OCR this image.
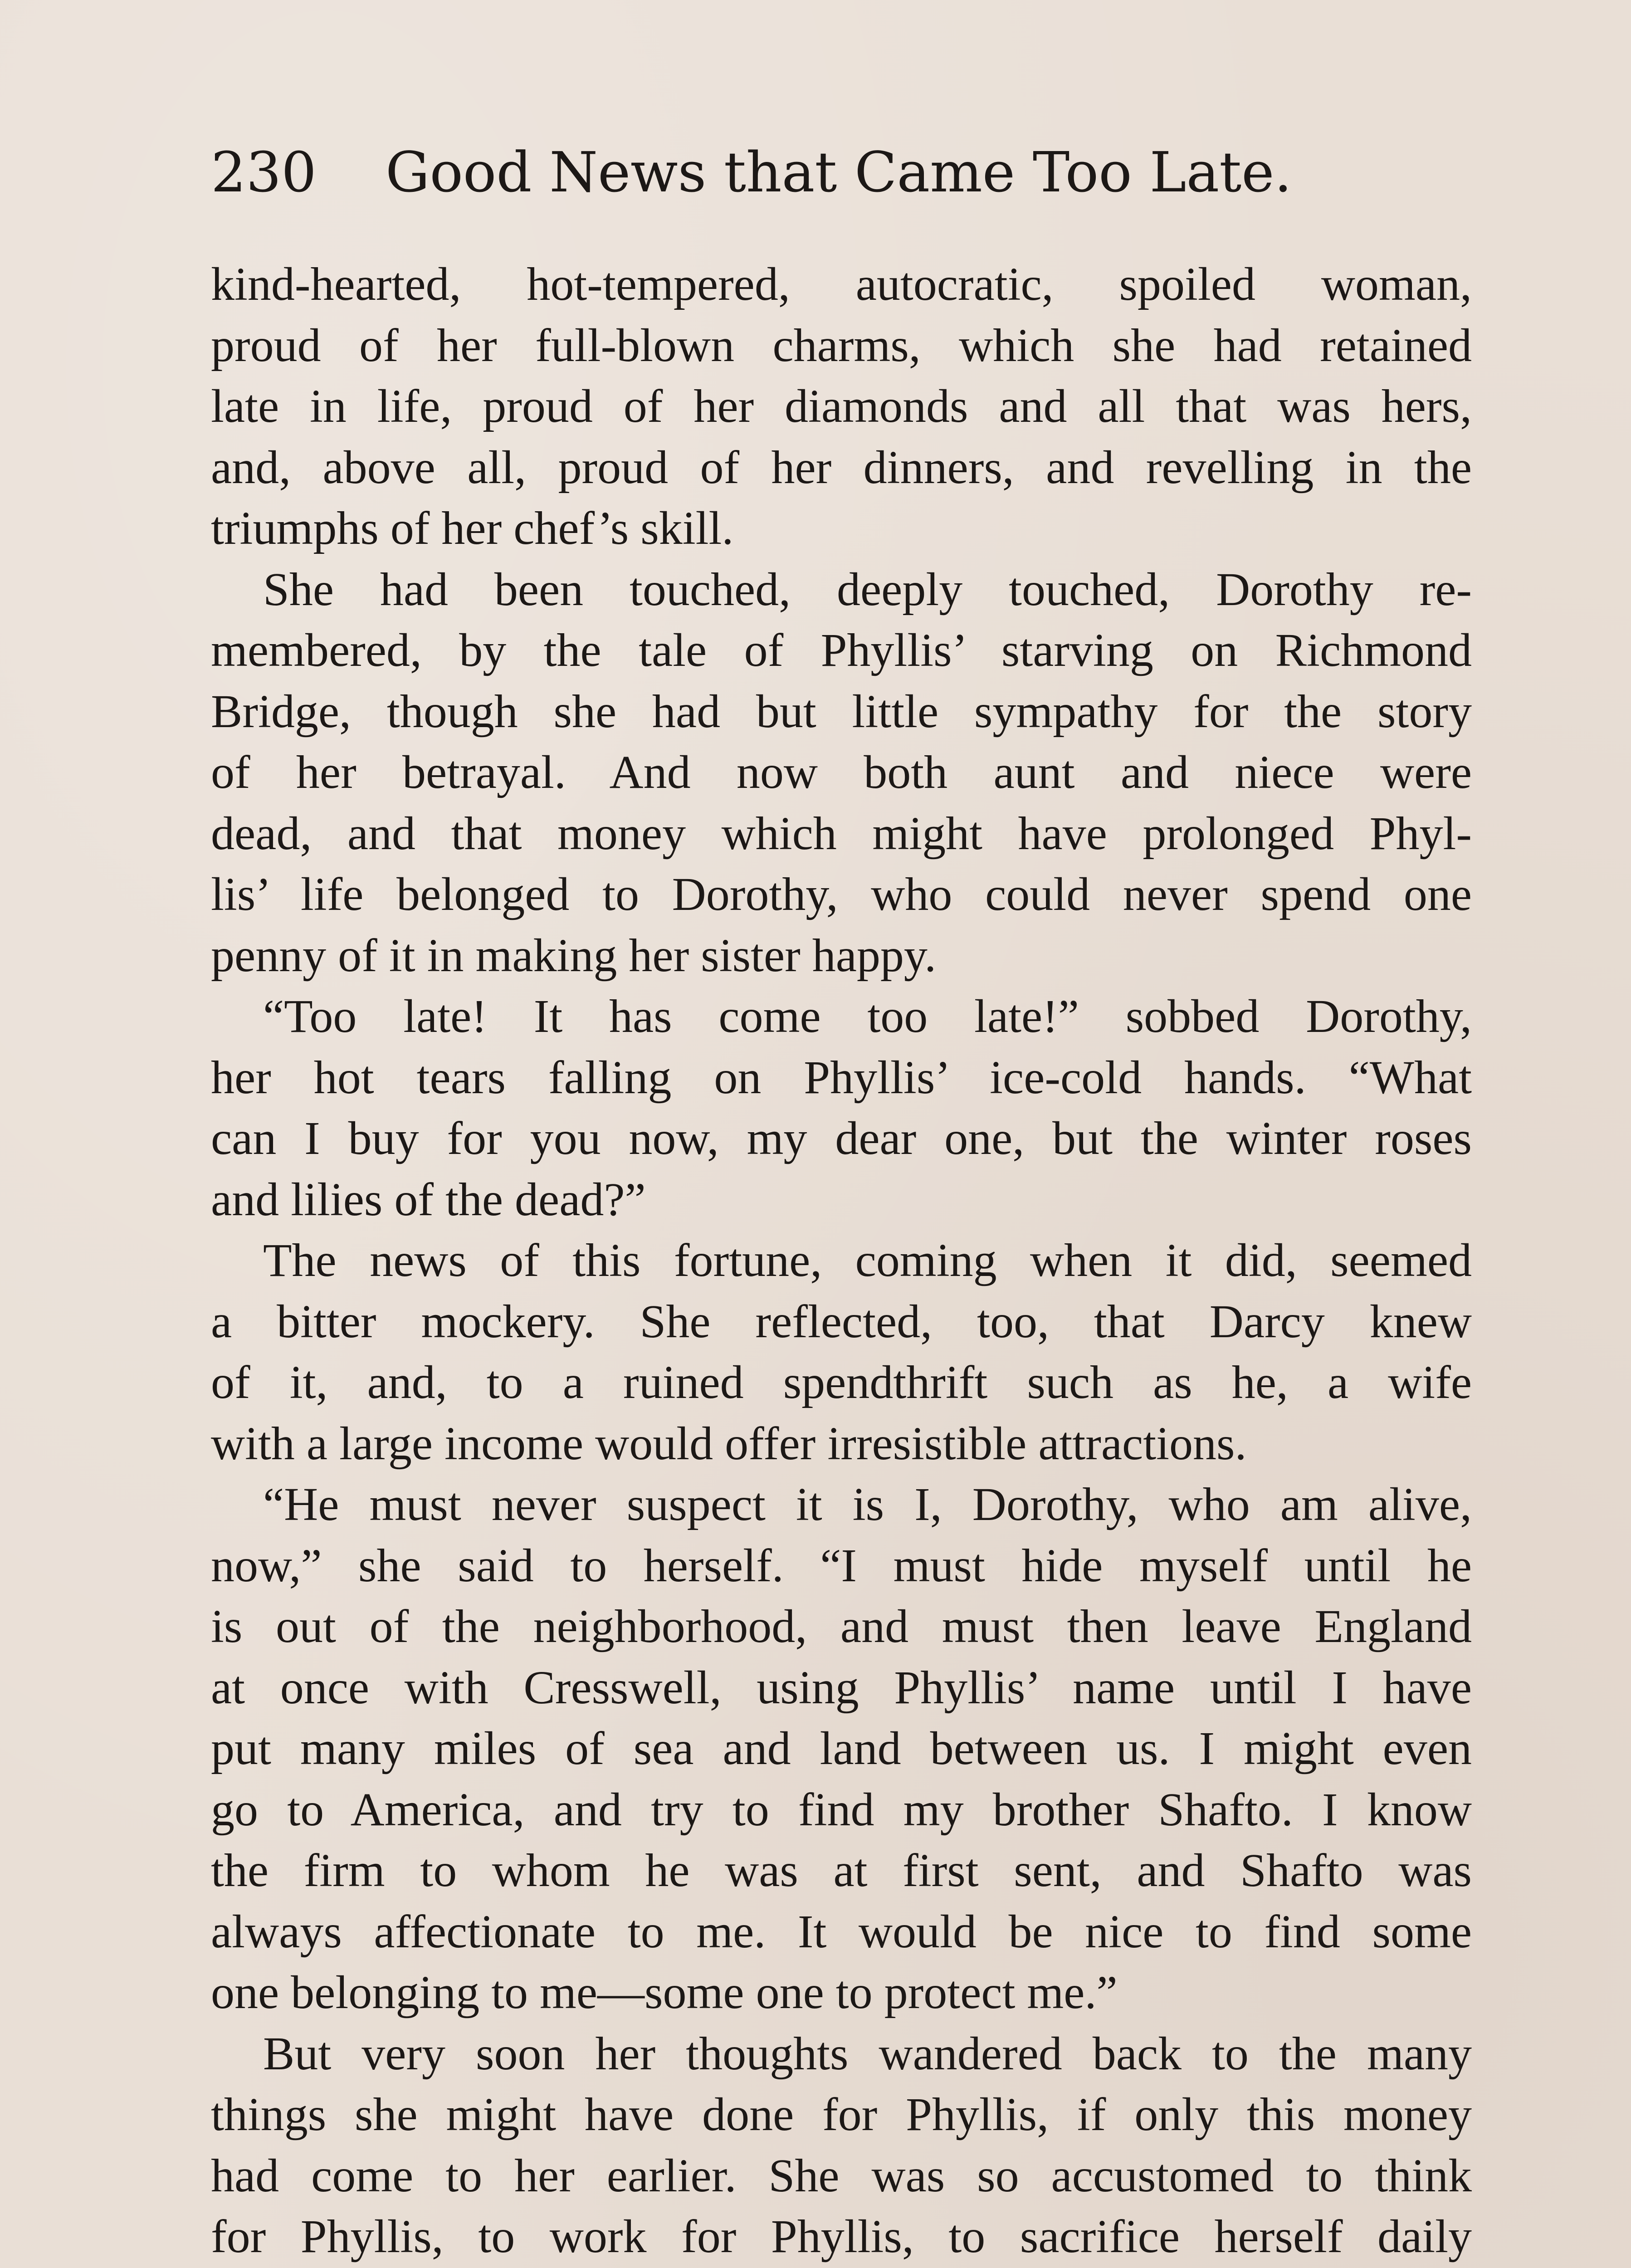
230 Good News that Came Too Late.
kind-hearted, hot-tempered, autocratic, spoiled woman,
proud of her full-blown charms, which she had retained
late in life, proud of her diamonds and all that was hers,
and, above all, proud of her dinners, and revelling in the
triumphs of her chef’s skill.
She had been touched, deeply touched, Dorothy re-
membered, by the tale of Phyllis’ starving on Richmond
Bridge, though she had but little sympathy for the story
of her betrayal. And now both aunt and niece were
dead, and that money which might have prolonged Phyl-
lis’ life belonged to Dorothy, who could never spend one
penny of it in making her sister happy.
“Too late! It has come too late!” sobbed Dorothy,
her hot tears falling on Phyllis’ ice-cold hands. “What
can I buy for you now, my dear one, but the winter roses
and lilies of the dead?”
The news of this fortune, coming when it did, seemed
a bitter mockery. She reflected, too, that Darcy knew
of it, and, to a ruined spendthrift such as he, a wife
with a large income would offer irresistible attractions.
“He must never suspect it is I, Dorothy, who am alive,
now,” she said to herself. “I must hide myself until he
is out of the neighborhood, and must then leave England
at once with Cresswell, using Phyllis’ name until I have
put many miles of sea and land between us. I might even
go to America, and try to find my brother Shafto. I know
the firm to whom he was at first sent, and Shafto was
always affectionate to me. It would be nice to find some
one belonging to me—some one to protect me.”
But very soon her thoughts wandered back to the many
things she might have done for Phyllis, if only this money
had come to her earlier. She was so accustomed to think
for Phyllis, to work for Phyllis, to sacrifice herself daily
